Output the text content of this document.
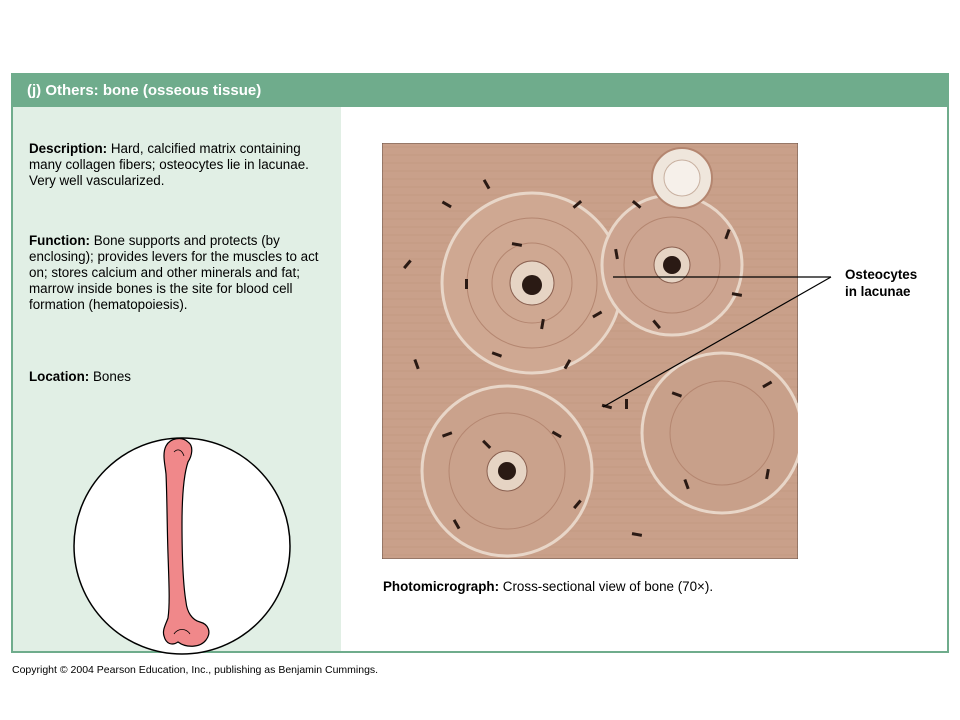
(j) Others: bone (osseous tissue)
Description: Hard, calcified matrix containing many collagen fibers; osteocytes lie in lacunae. Very well vascularized.
Function: Bone supports and protects (by enclosing); provides levers for the muscles to act on; stores calcium and other minerals and fat; marrow inside bones is the site for blood cell formation (hematopoiesis).
Location: Bones
Osteocytes
in lacunae
Photomicrograph: Cross-sectional view of bone (70×).
Copyright © 2004 Pearson Education, Inc., publishing as Benjamin Cummings.
